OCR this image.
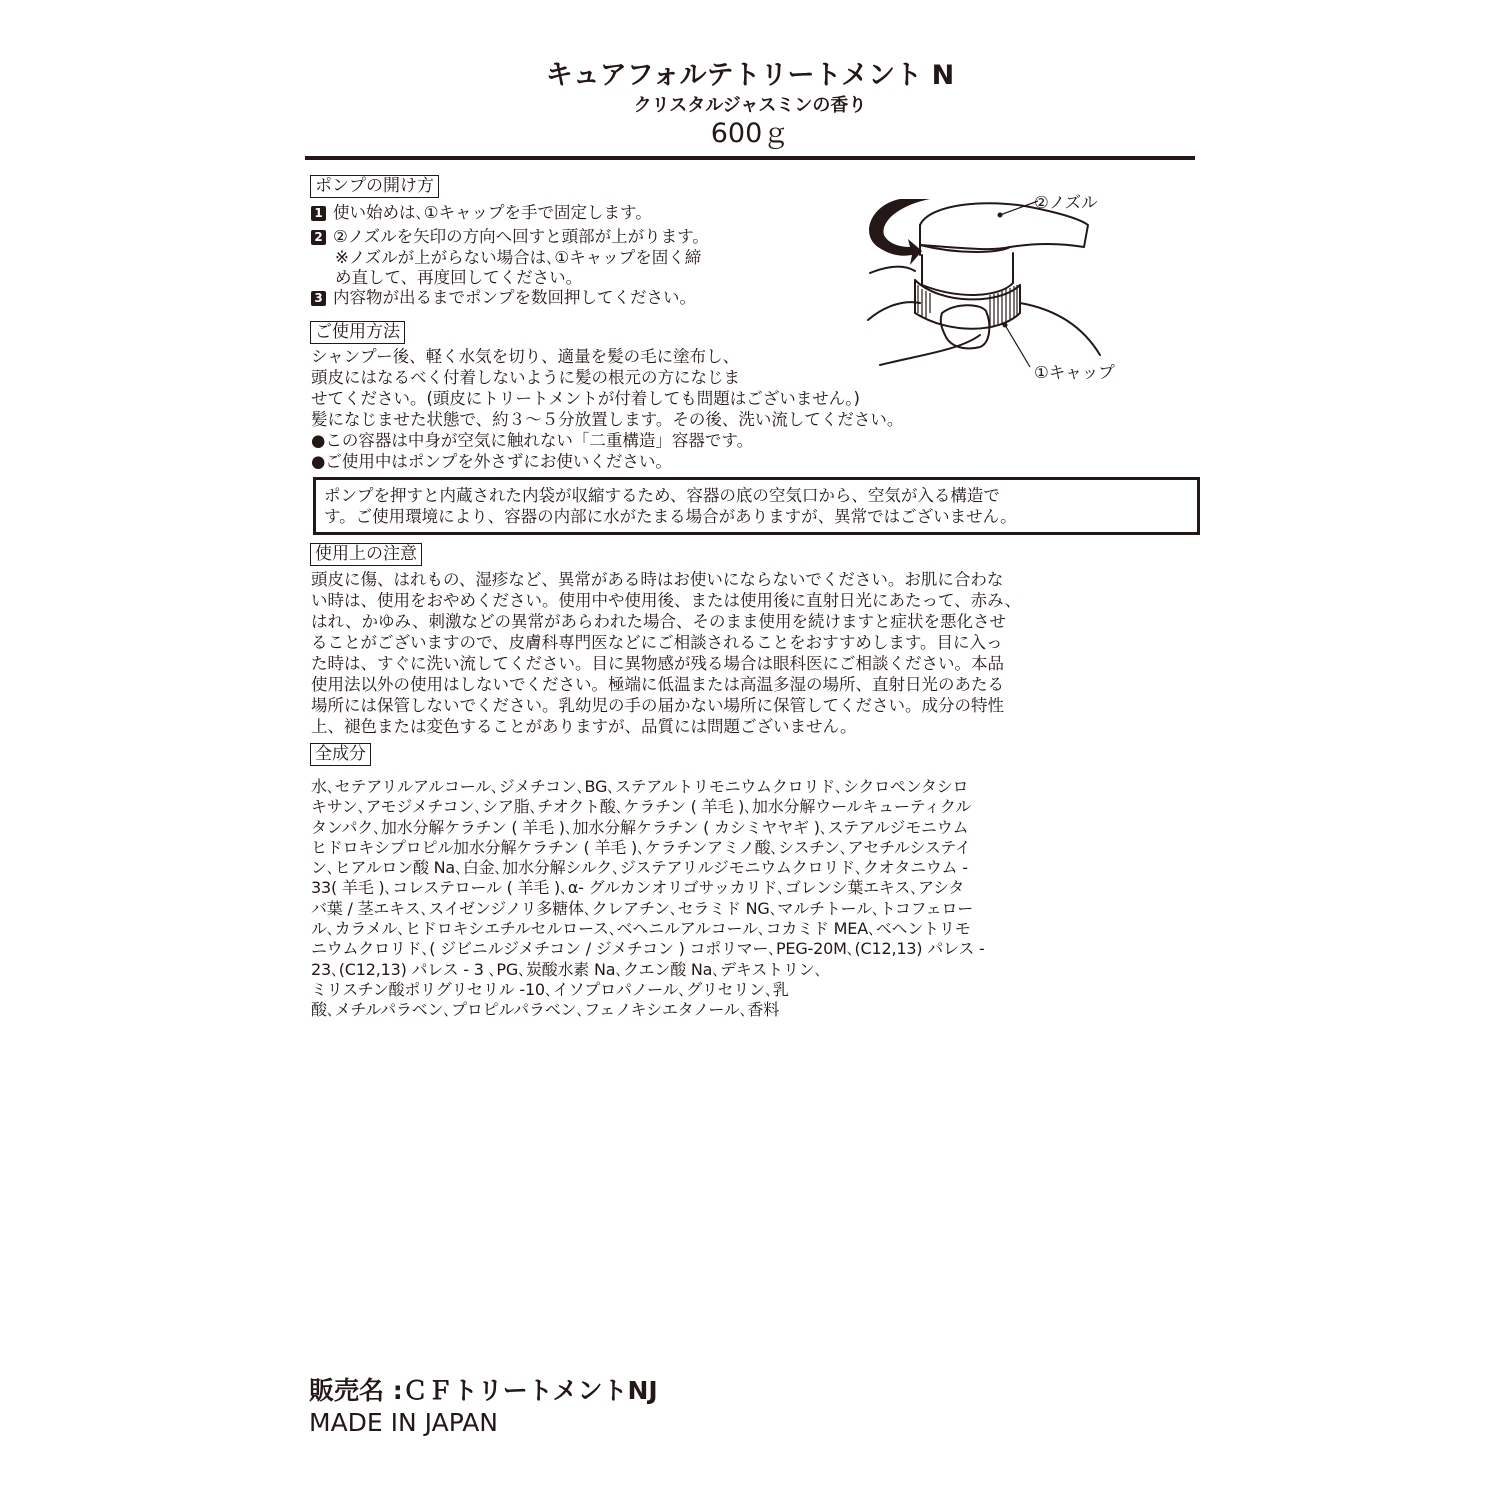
キュアフォルテトリートメント N
クリスタルジャスミンの香り
600ｇ
ポンプの開け方
1 使い始めは､①キャップを手で固定します。
2 ②ノズルを矢印の方向へ回すと頭部が上がります。
※ノズルが上がらない場合は､①キャップを固く締
め直して、再度回してください。
3 内容物が出るまでポンプを数回押してください。
②ノズル
①キャップ
ご使用方法
シャンプー後、軽く水気を切り、適量を髪の毛に塗布し、
頭皮にはなるべく付着しないように髪の根元の方になじま
せてください。(頭皮にトリートメントが付着しても問題はございません｡)
髪になじませた状態で、約３～５分放置します。その後、洗い流してください。
●この容器は中身が空気に触れない「二重構造」容器です。
●ご使用中はポンプを外さずにお使いください。
ポンプを押すと内蔵された内袋が収縮するため、容器の底の空気口から、空気が入る構造で
す。ご使用環境により、容器の内部に水がたまる場合がありますが、異常ではございません。
使用上の注意
頭皮に傷、はれもの、湿疹など、異常がある時はお使いにならないでください。お肌に合わな
い時は、使用をおやめください。使用中や使用後、または使用後に直射日光にあたって、赤み、
はれ、かゆみ、刺激などの異常があらわれた場合、そのまま使用を続けますと症状を悪化させ
ることがございますので、皮膚科専門医などにご相談されることをおすすめします。目に入っ
た時は、すぐに洗い流してください。目に異物感が残る場合は眼科医にご相談ください。本品
使用法以外の使用はしないでください。極端に低温または高温多湿の場所、直射日光のあたる
場所には保管しないでください。乳幼児の手の届かない場所に保管してください。成分の特性
上、褪色または変色することがありますが、品質には問題ございません。
全成分
水､セテアリルアルコール､ジメチコン､BG､ステアルトリモニウムクロリド､シクロペンタシロ
キサン､アモジメチコン､シア脂､チオクト酸､ケラチン ( 羊毛 )､加水分解ウールキューティクル
タンパク､加水分解ケラチン ( 羊毛 )､加水分解ケラチン ( カシミヤヤギ )､ステアルジモニウム
ヒドロキシプロピル加水分解ケラチン ( 羊毛 )､ケラチンアミノ酸､シスチン､アセチルシステイ
ン､ヒアルロン酸 Na､白金､加水分解シルク､ジステアリルジモニウムクロリド､クオタニウム -
33( 羊毛 )､コレステロール ( 羊毛 )､α- グルカンオリゴサッカリド､ゴレンシ葉エキス､アシタ
バ葉 / 茎エキス､スイゼンジノリ多糖体､クレアチン､セラミド NG､マルチトール､トコフェロー
ル､カラメル､ヒドロキシエチルセルロース､ベヘニルアルコール､コカミド MEA､ベヘントリモ
ニウムクロリド､( ジビニルジメチコン / ジメチコン ) コポリマー､PEG-20M､(C12,13) パレス -
23､(C12,13) パレス - 3 ､PG､炭酸水素 Na､クエン酸 Na､デキストリン､
ミリスチン酸ポリグリセリル -10､イソプロパノール､グリセリン､乳
酸､メチルパラベン､プロピルパラベン､フェノキシエタノール､香料
販売名 :ＣＦトリートメントNJ
MADE IN JAPAN
